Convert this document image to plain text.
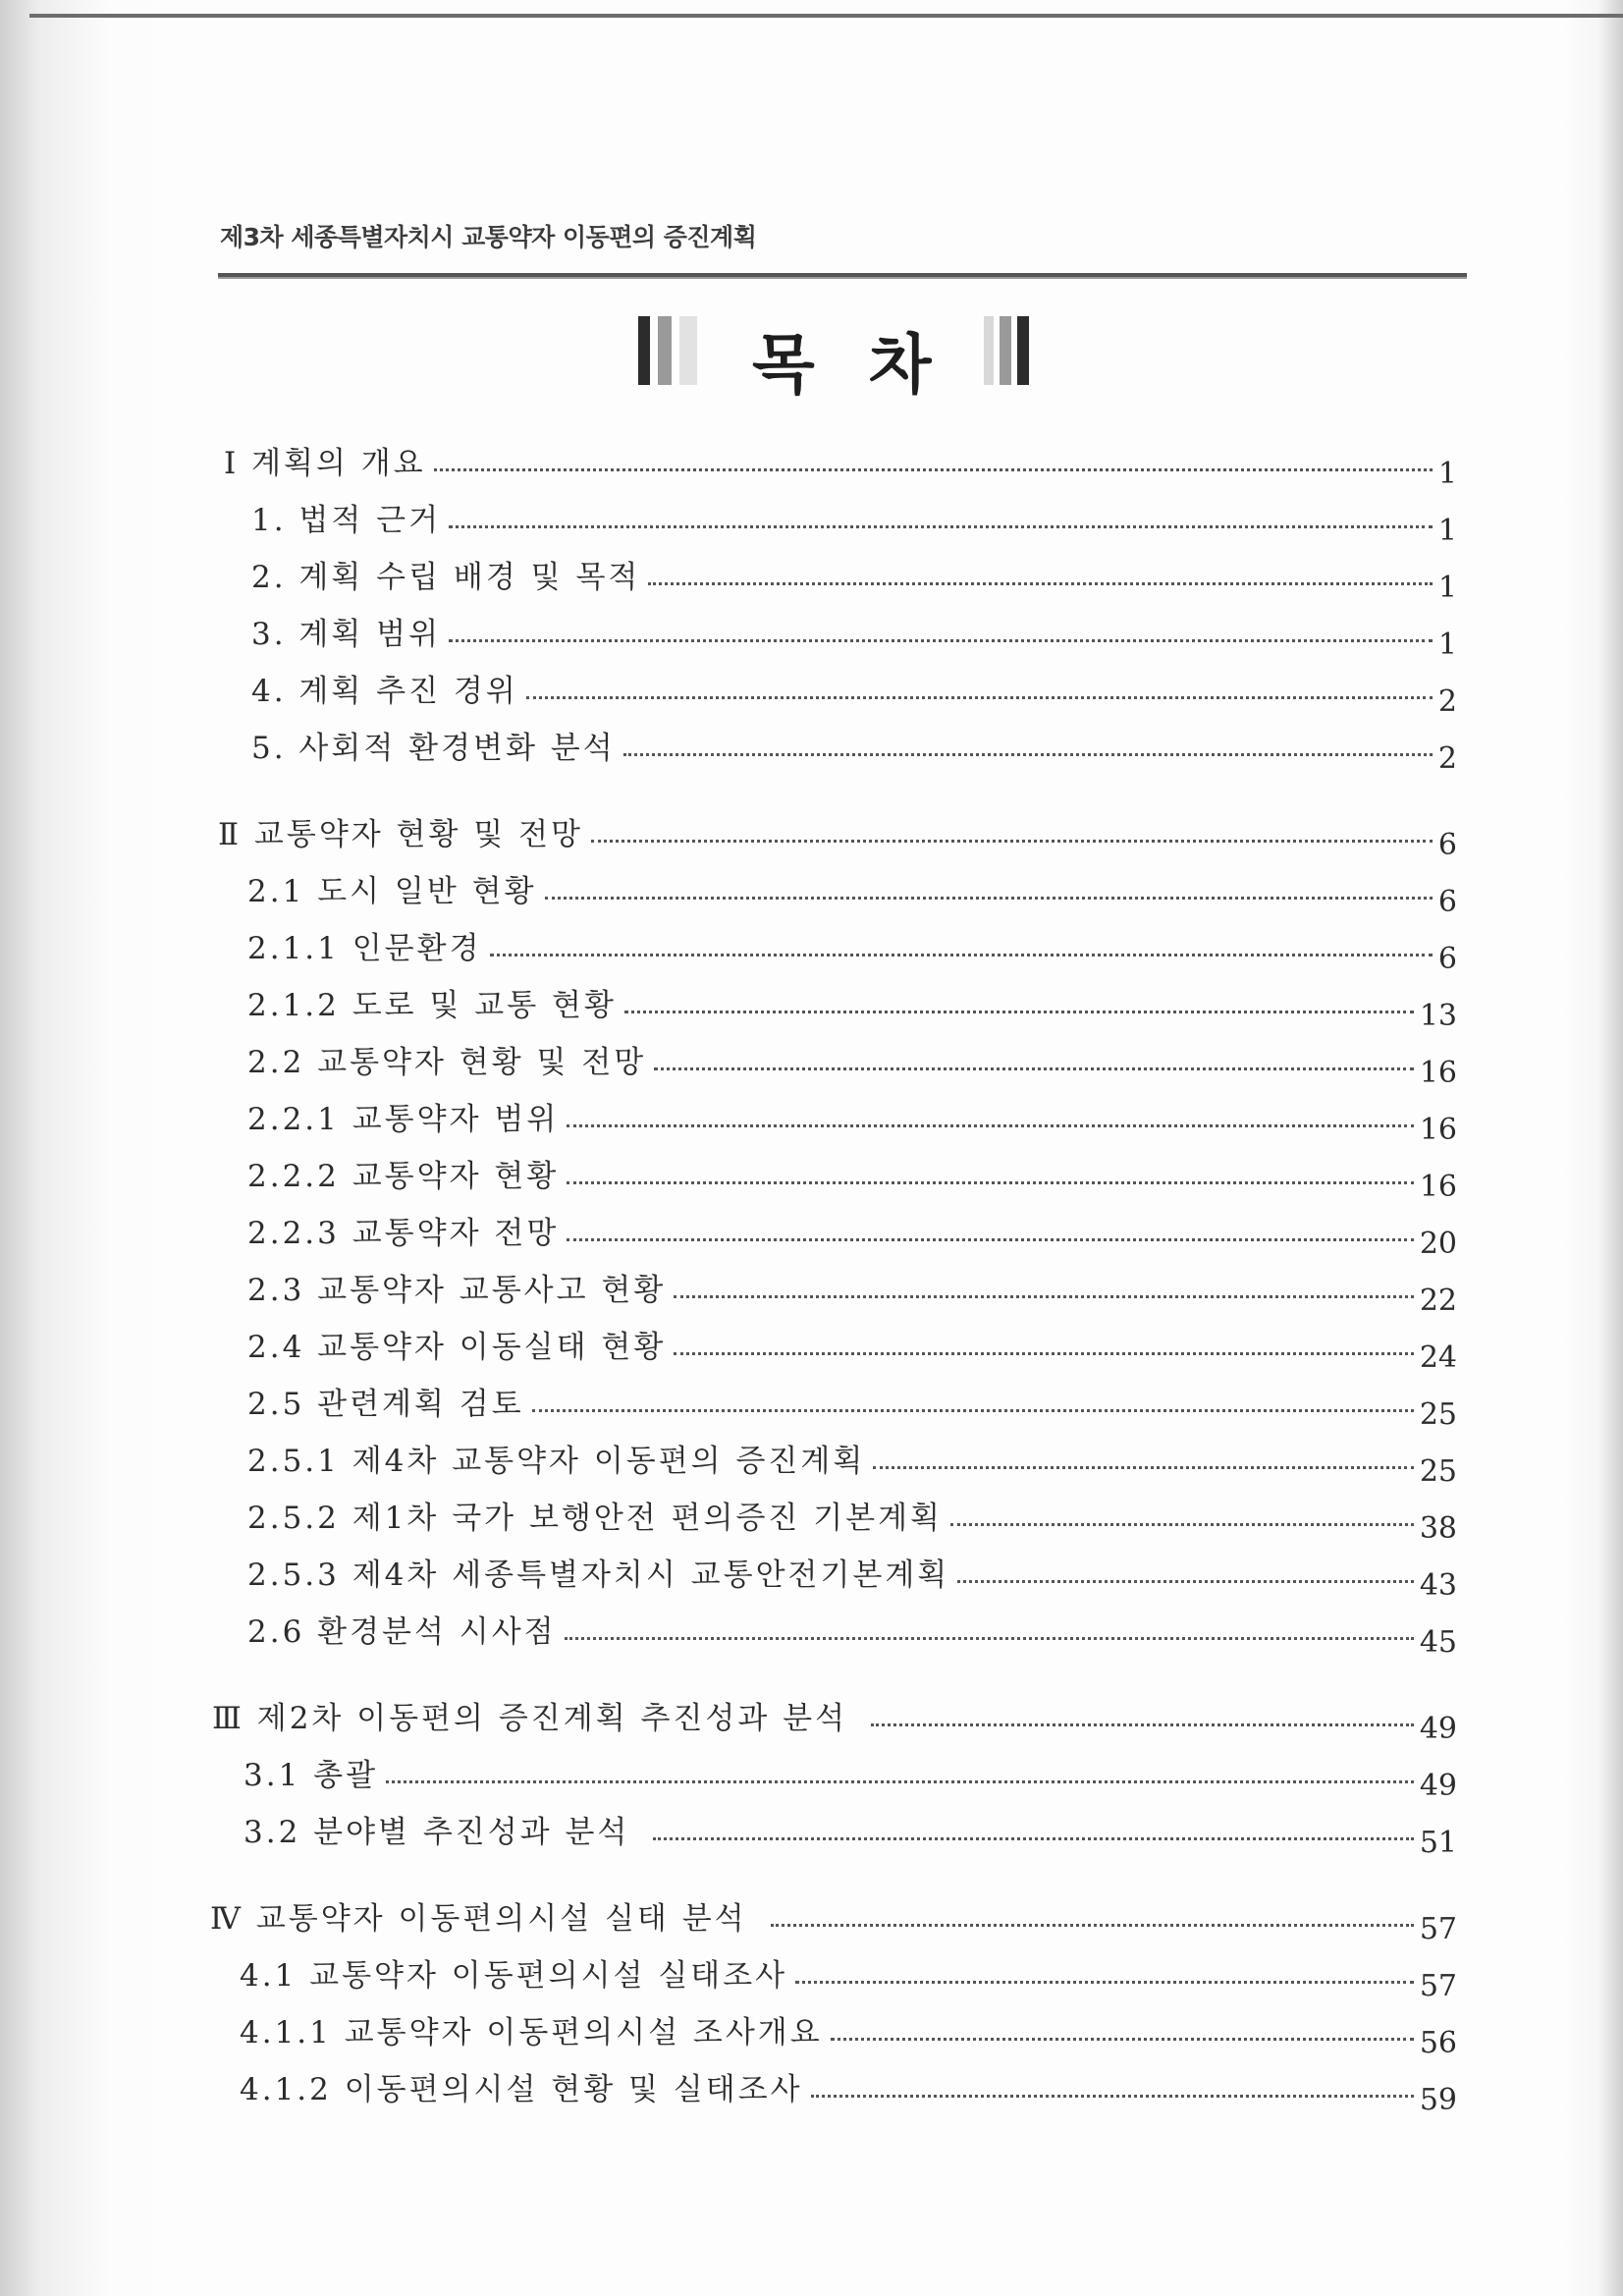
제3차 세종특별자치시 교통약자 이동편의 증진계획
목 차
Ⅰ 계획의 개요	1
1. 법적 근거	1
2. 계획 수립 배경 및 목적	1
3. 계획 범위	1
4. 계획 추진 경위	2
5. 사회적 환경변화 분석	2
Ⅱ 교통약자 현황 및 전망	6
2.1 도시 일반 현황	6
2.1.1 인문환경	6
2.1.2 도로 및 교통 현황	13
2.2 교통약자 현황 및 전망	16
2.2.1 교통약자 범위	16
2.2.2 교통약자 현황	16
2.2.3 교통약자 전망	20
2.3 교통약자 교통사고 현황	22
2.4 교통약자 이동실태 현황	24
2.5 관련계획 검토	25
2.5.1 제4차 교통약자 이동편의 증진계획	25
2.5.2 제1차 국가 보행안전 편의증진 기본계획	38
2.5.3 제4차 세종특별자치시 교통안전기본계획	43
2.6 환경분석 시사점	45
Ⅲ 제2차 이동편의 증진계획 추진성과 분석	49
3.1 총괄	49
3.2 분야별 추진성과 분석	51
Ⅳ 교통약자 이동편의시설 실태 분석	57
4.1 교통약자 이동편의시설 실태조사	57
4.1.1 교통약자 이동편의시설 조사개요	56
4.1.2 이동편의시설 현황 및 실태조사	59
